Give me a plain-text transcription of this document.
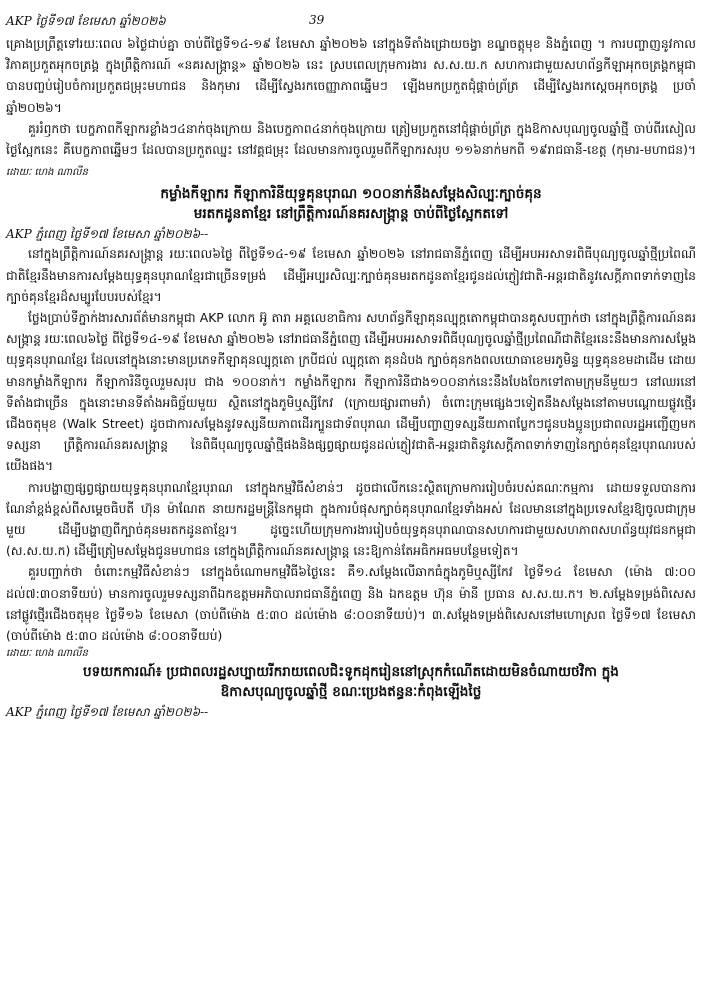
AKP ថ្ងៃទី១៧ ខែមេសា ឆ្នាំ២០២៦	39

គ្រោងប្រព្រឹត្តទៅរយៈពេល ៦ថ្ងៃជាប់គ្នា ចាប់ពីថ្ងៃទី១៤-១៩ ខែមេសា ឆ្នាំ២០២៦ នៅក្នុងទីតាំងជ្រោយចង្វា ខណ្ឌចត្តុមុខ និងភ្នំពេញ ។ ការបញ្ចាញនូវកាលវិភាគប្រកួតអុកចត្រង្គ ក្នុងព្រឹត្តិការណ៍ «នគរសង្រ្កាន្ត» ឆ្នាំ២០២៦ នេះ ស្របពេលក្រុមការងារ ស.ស.យ.ក សហការជាមួយសហព័ន្ធកីឡាអុកចត្រង្គកម្ពុជាបានបញ្ចប់រៀបចំការប្រកួតជម្រុះមហាជន និងកុមារ ដើម្បីស្វែងរកចេញ្ញាភាពឆ្នើមៗ ឡើងមកប្រកួតជុំផ្ដាច់ព្រ័ត្រ ដើម្បីស្វែងរកស្ដេចអុកចត្រង្គ ប្រចាំឆ្នាំ២០២៦។

គួររំឭកថា បេក្ខភាពកីឡាករខ្លាំងៗ៤នាក់ចុងក្រោយ និងបេក្ខភាព៤នាក់ចុងក្រោយ ត្រៀមប្រកួតនៅជុំផ្ដាច់ព្រ័ត្រ ក្នុងឱកាសបុណ្យចូលឆ្នាំថ្មី ចាប់ពីរសៀលថ្ងៃស្អែកនេះ គឺបេក្ខភាពឆ្នើមៗ ដែលបានប្រកួតឈ្នះ នៅវគ្គជម្រុះ ដែលមានការចូលរួមពីកីឡាករសរុប ១១៦នាក់មកពី ១៩រាជធានី-ខេត្ត (កុមារ-មហាជន)។ ដោយៈ ហេង ណាលីន

កម្លាំងកីឡាករ កីឡាការិនីយុទ្ធគុនបុរាណ ១០០នាក់នឹងសម្ដែងសិល្បៈក្បាច់គុន
មរតកដូនតាខ្មែរ នៅព្រឹត្តិការណ៍នគរសង្រ្កាន្ត ចាប់ពីថ្ងៃស្អែកតទៅ

AKP ភ្នំពេញ ថ្ងៃទី១៧ ខែមេសា ឆ្នាំ២០២៦--

នៅក្នុងព្រឹត្តិការណ៍នគរសង្រ្កាន្ត រយៈពេល៦ថ្ងៃ ពីថ្ងៃទី១៤-១៩ ខែមេសា ឆ្នាំ២០២៦ នៅរាជធានីភ្នំពេញ ដើម្បីអបអរសាទរពិធីបុណ្យចូលឆ្នាំថ្មីប្រពៃណីជាតិខ្មែរនឹងមានការសម្ដែងយុទ្ធគុនបុរាណខ្មែរជាច្រើនទម្រង់ ដើម្បីអប្បរសិល្បៈក្បាច់គុនមរតកដូនតាខ្មែរជូនដល់ភ្ញៀវជាតិ-អន្តរជាតិនូវសេក្តីភាពទាក់ទាញនៃក្បាច់គុនខ្មែរដ៏សម្បូរបែបរបស់ខ្មែរ។

ថ្លែងប្រាប់ទីភ្នាក់ងារសារព័ត៌មានកម្ពុជា AKP លោក អ៊ូ តារា អគ្គលេខាធិការ សហព័ន្ធកីឡាគុនល្បុក្កតោកម្ពុជាបានគូសបញ្ជាក់ថា នៅក្នុងព្រឹត្តិការណ៍នគរសង្រ្កាន្ត រយៈពេល៦ថ្ងៃ ពីថ្ងៃទី១៤-១៩ ខែមេសា ឆ្នាំ២០២៦ នៅរាជធានីភ្នំពេញ ដើម្បីអបអរសាទរពិធីបុណ្យចូលឆ្នាំថ្មីប្រពៃណីជាតិខ្មែរនេះនឹងមានការសម្ដែងយុទ្ធគុនបុរាណខ្មែរ ដែលនៅក្នុងនោះមានប្រភេទកីឡាគុនល្បុក្កតោ ក្របីជល់ ល្បុក្កតោ គុនដំបង ក្បាច់គុនកងពលយោធាខេមរភូមិន្ទ យុទ្ធគុនខមដាដើម ដោយមានកម្លាំងកីឡាករ កីឡាការិនីចូលរួមសរុប ជាង ១០០នាក់។ កម្លាំងកីឡាករ កីឡាការិនីជាង១០០នាក់នេះនឹងបែងចែកទៅតាមក្រុមនីមួយៗ នៅឈរនៅទីតាំងជាច្រើន ក្នុងនោះមានទីតាំងអធិច្ឆ័យមួយ ស្ថិតនៅក្នុងភូមិឬស្សីកែវ (ក្រោយផ្សារពាមរាំ) ចំពោះក្រុមផ្សេងៗទៀតនឹងសម្ដែងនៅតាមបណ្ដោយផ្លូវថ្មើរជើងចតុមុខ (Walk Street) ដូចជាការសម្ដែងនូវទស្សនីយភាពដើរក្បួនជាទ័ពបុរាណ ដើម្បីបញ្ចាញទស្សនីយភាពប្លែកៗជូនបងប្អូនប្រជាពលរដ្ឋអញ្ជើញមកទស្សនា ព្រឹត្តិការណ៍នគរសង្រ្កាន្ត នៃពិធីបុណ្យចូលឆ្នាំថ្មីផងនិងផ្សព្វផ្សាយជូនដល់ភ្ញៀវជាតិ-អន្តរជាតិនូវសេក្តីភាពទាក់ទាញនៃក្បាច់គុនខ្មែរបុរាណរបស់យើងផង។

ការបង្ហាញផ្សព្វផ្សាយយុទ្ធគុនបុរាណខ្មែរបុរាណ នៅក្នុងកម្មវិធីសំខាន់ៗ ដូចជាលើកនេះស្ថិតក្រោមការរៀបចំរបស់គណៈកម្មការ ដោយទទួលបានការណែនាំខ្ពង់ខ្ពស់ពីសម្ដេចធិបតី ហ៊ុន ម៉ាណែត នាយករដ្ឋមន្ត្រីនៃកម្ពុជា ក្នុងការបំផុសក្បាច់គុនបុរាណខ្មែរទាំងអស់ ដែលមាននៅក្នុងប្រទេសខ្មែរឱ្យចូលជាក្រុមមួយ ដើម្បីបង្ហាញពីក្បាច់គុនមរតកដូនតាខ្មែរ។ ដូច្នេះហើយក្រុមការងាររៀបចំយុទ្ធគុនបុរាណបានសហការជាមួយសហភាពសហព័ន្ធយុវជនកម្ពុជា (ស.ស.យ.ក) ដើម្បីត្រៀមសម្ដែងជូនមហាជន នៅក្នុងព្រឹត្តិការណ៍នគរសង្រ្កាន្ត នេះឱ្យកាន់តែអធិកអធមបន្ថែមទៀត។

គួរបញ្ជាក់ថា ចំពោះកម្មវិធីសំខាន់ៗ នៅក្នុងចំណោមកម្មវិធី៦ថ្ងៃនេះ គឺ១.សម្ដែងលើឆាកធំក្នុងភូមិឬស្សីកែវ ថ្ងៃទី១៤ ខែមេសា (ម៉ោង ៧:០០ ដល់៧:៣០នាទីយប់) មានការចូលរួមទស្សនាពីឯកឧត្ដមអភិបាលរាជធានីភ្នំពេញ និង ឯកឧត្ដម ហ៊ុន ម៉ានី ប្រធាន ស.ស.យ.ក។ ២.សម្ដែងទម្រង់ពិសេសនៅផ្លូវថ្មើរជើងចតុមុខ ថ្ងៃទី១៦ ខែមេសា (ចាប់ពីម៉ោង ៥:៣០ ដល់ម៉ោង ៨:០០នាទីយប់)។ ៣.សម្ដែងទម្រង់ពិសេសនៅមហោស្រព ថ្ងៃទី១៧ ខែមេសា (ចាប់ពីម៉ោង ៥:៣០ ដល់ម៉ោង ៨:០០នាទីយប់)

ដោយៈ ហេង ណាលីន

បទយកការណ៍៖ ប្រជាពលរដ្ឋសប្បាយរីករាយពេលជិះទូកដុករៀននៅស្រុកកំណើតដោយមិនចំណាយថវិកា ក្នុង
ឱកាសបុណ្យចូលឆ្នាំថ្មី ខណៈប្រេងឥន្ធនៈកំពុងឡើងថ្លៃ

AKP ភ្នំពេញ ថ្ងៃទី១៧ ខែមេសា ឆ្នាំ២០២៦--
